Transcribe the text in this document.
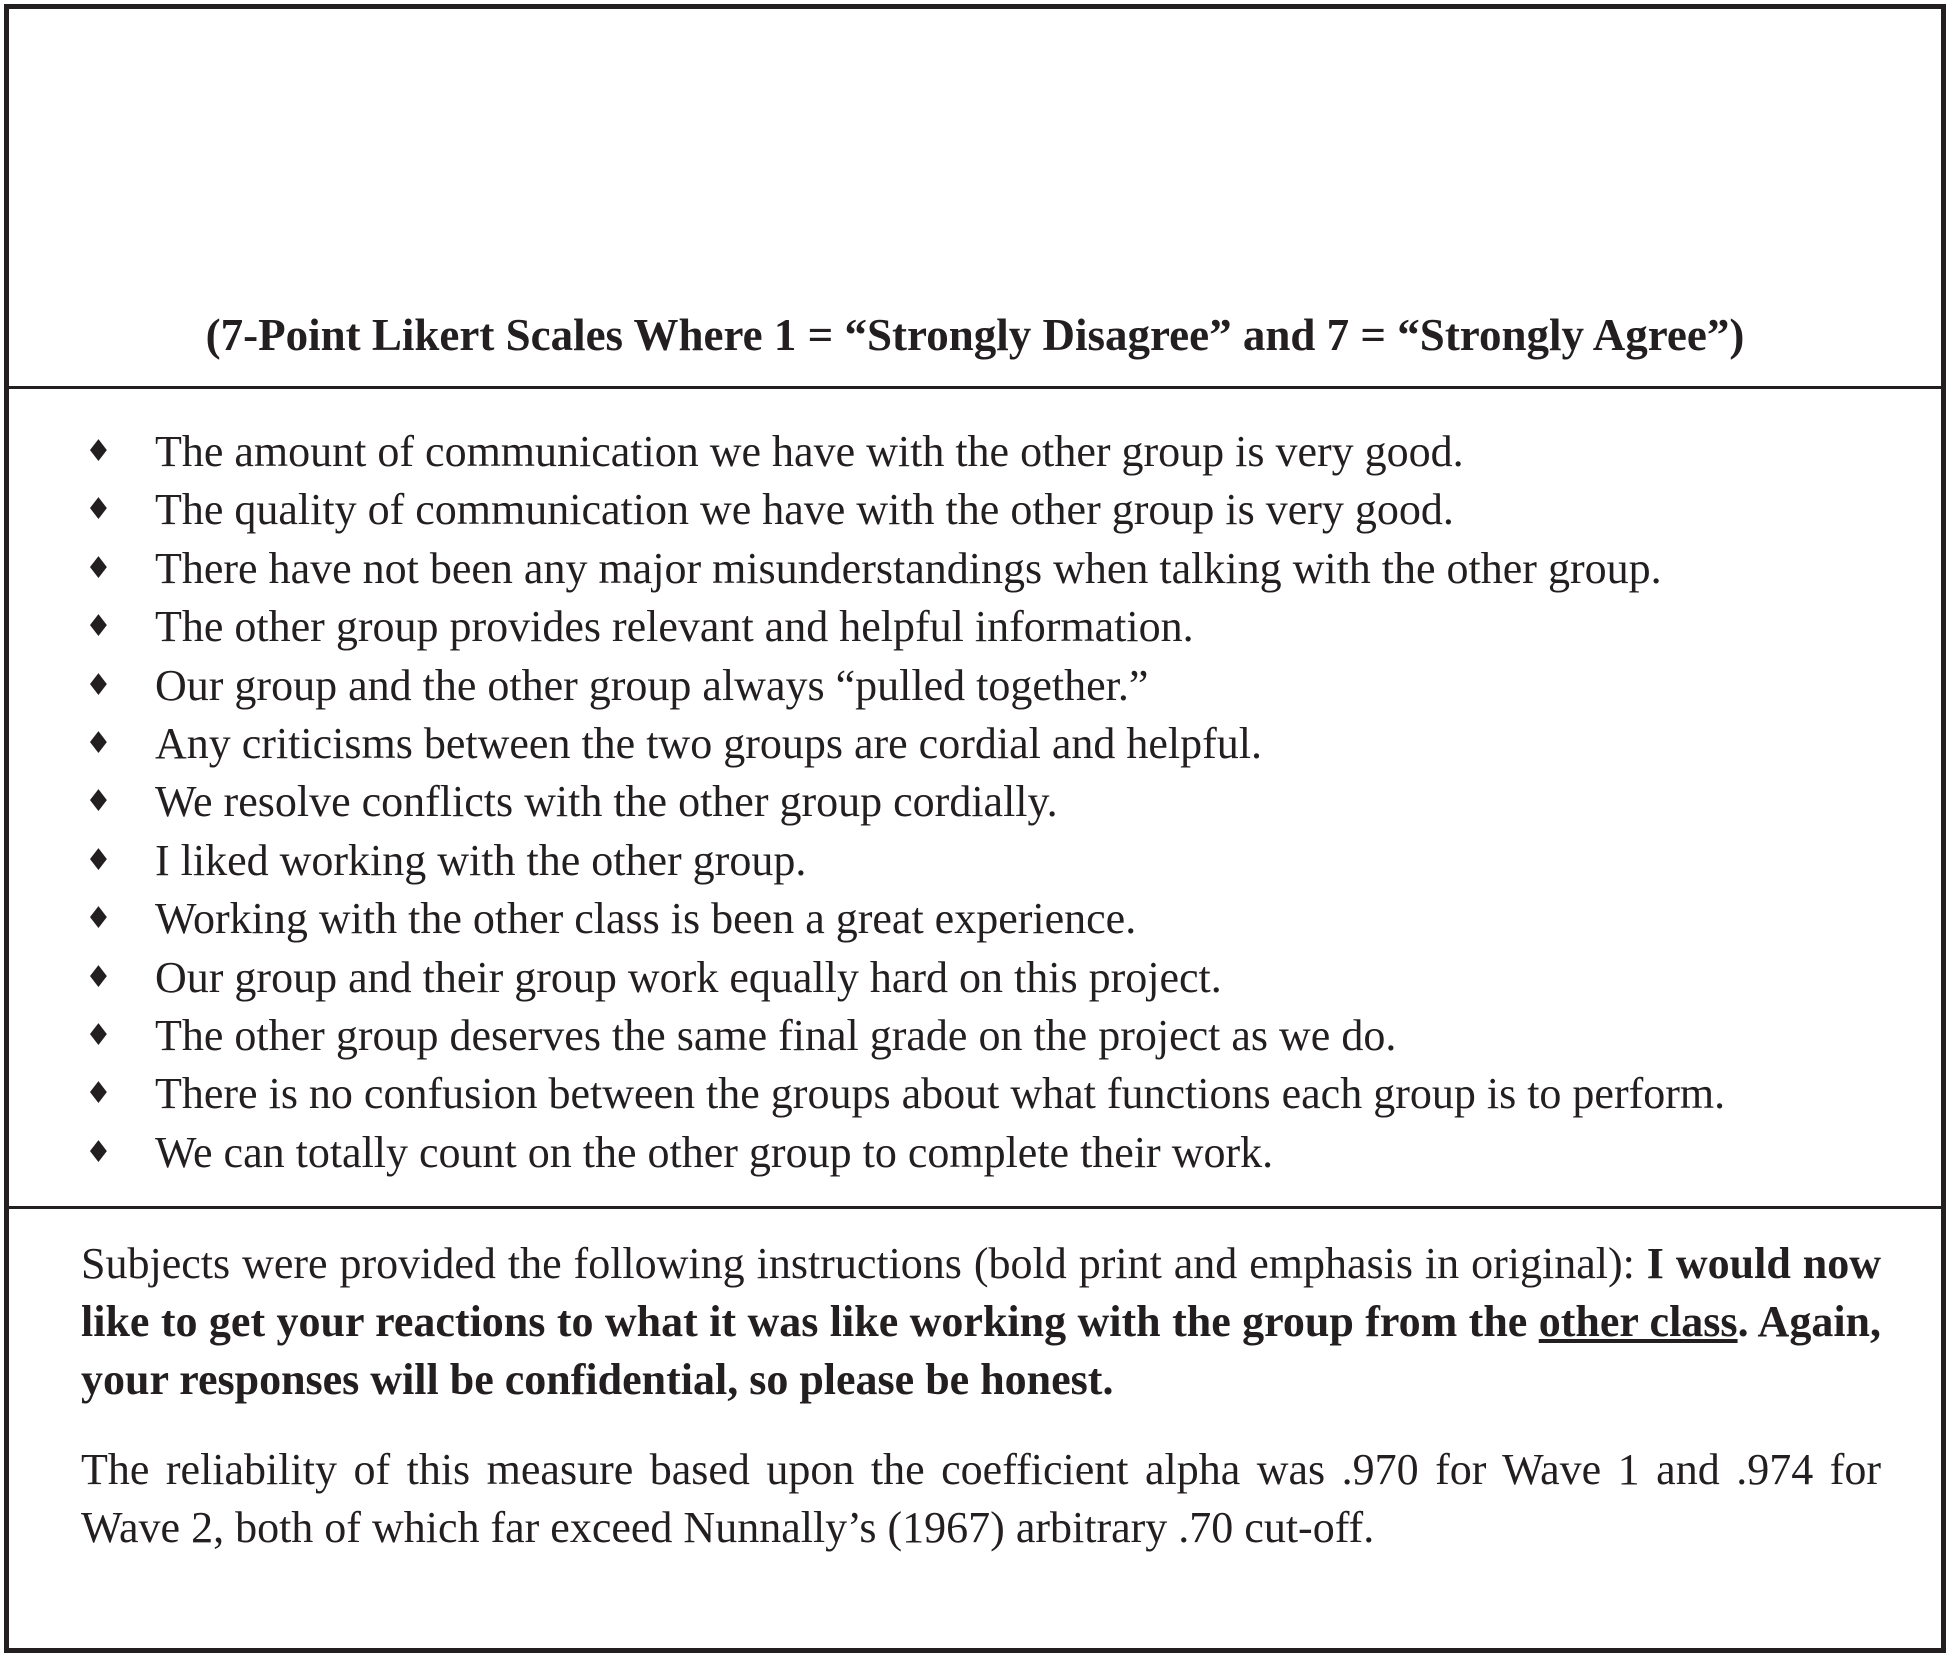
(7-Point Likert Scales Where 1 = “Strongly Disagree” and 7 = “Strongly Agree”)
♦ The amount of communication we have with the other group is very good.
♦ The quality of communication we have with the other group is very good.
♦ There have not been any major misunderstandings when talking with the other group.
♦ The other group provides relevant and helpful information.
♦ Our group and the other group always “pulled together.”
♦ Any criticisms between the two groups are cordial and helpful.
♦ We resolve conflicts with the other group cordially.
♦ I liked working with the other group.
♦ Working with the other class is been a great experience.
♦ Our group and their group work equally hard on this project.
♦ The other group deserves the same final grade on the project as we do.
♦ There is no confusion between the groups about what functions each group is to perform.
♦ We can totally count on the other group to complete their work.

Subjects were provided the following instructions (bold print and emphasis in original): I would now like to get your reactions to what it was like working with the group from the other class. Again, your responses will be confidential, so please be honest.

The reliability of this measure based upon the coefficient alpha was .970 for Wave 1 and .974 for Wave 2, both of which far exceed Nunnally’s (1967) arbitrary .70 cut-off.
